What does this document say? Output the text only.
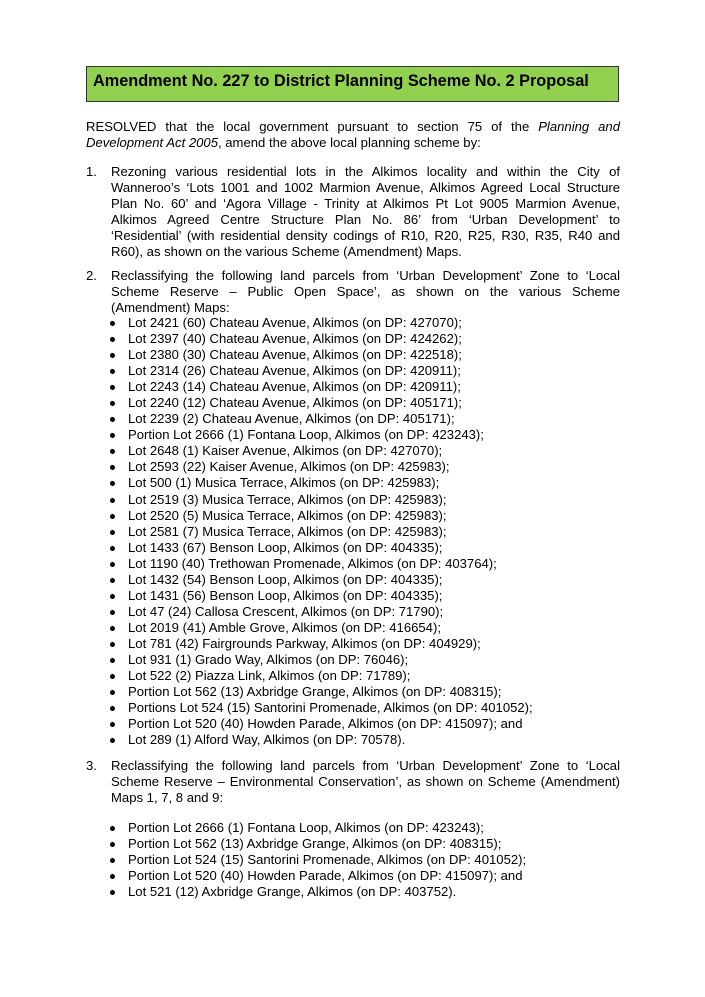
Amendment No. 227 to District Planning Scheme No. 2 Proposal
RESOLVED that the local government pursuant to section 75 of the Planning and Development Act 2005, amend the above local planning scheme by:
1. Rezoning various residential lots in the Alkimos locality and within the City of Wanneroo’s ‘Lots 1001 and 1002 Marmion Avenue, Alkimos Agreed Local Structure Plan No. 60’ and ‘Agora Village - Trinity at Alkimos Pt Lot 9005 Marmion Avenue, Alkimos Agreed Centre Structure Plan No. 86’ from ‘Urban Development’ to ‘Residential’ (with residential density codings of R10, R20, R25, R30, R35, R40 and R60), as shown on the various Scheme (Amendment) Maps.
2. Reclassifying the following land parcels from ‘Urban Development’ Zone to ‘Local Scheme Reserve – Public Open Space’, as shown on the various Scheme (Amendment) Maps:
Lot 2421 (60) Chateau Avenue, Alkimos (on DP: 427070);
Lot 2397 (40) Chateau Avenue, Alkimos (on DP: 424262);
Lot 2380 (30) Chateau Avenue, Alkimos (on DP: 422518);
Lot 2314 (26) Chateau Avenue, Alkimos (on DP: 420911);
Lot 2243 (14) Chateau Avenue, Alkimos (on DP: 420911);
Lot 2240 (12) Chateau Avenue, Alkimos (on DP: 405171);
Lot 2239 (2) Chateau Avenue, Alkimos (on DP: 405171);
Portion Lot 2666 (1) Fontana Loop, Alkimos (on DP: 423243);
Lot 2648 (1) Kaiser Avenue, Alkimos (on DP: 427070);
Lot 2593 (22) Kaiser Avenue, Alkimos (on DP: 425983);
Lot 500 (1) Musica Terrace, Alkimos (on DP: 425983);
Lot 2519 (3) Musica Terrace, Alkimos (on DP: 425983);
Lot 2520 (5) Musica Terrace, Alkimos (on DP: 425983);
Lot 2581 (7) Musica Terrace, Alkimos (on DP: 425983);
Lot 1433 (67) Benson Loop, Alkimos (on DP: 404335);
Lot 1190 (40) Trethowan Promenade, Alkimos (on DP: 403764);
Lot 1432 (54) Benson Loop, Alkimos (on DP: 404335);
Lot 1431 (56) Benson Loop, Alkimos (on DP: 404335);
Lot 47 (24) Callosa Crescent, Alkimos (on DP: 71790);
Lot 2019 (41) Amble Grove, Alkimos (on DP: 416654);
Lot 781 (42) Fairgrounds Parkway, Alkimos (on DP: 404929);
Lot 931 (1) Grado Way, Alkimos (on DP: 76046);
Lot 522 (2) Piazza Link, Alkimos (on DP: 71789);
Portion Lot 562 (13) Axbridge Grange, Alkimos (on DP: 408315);
Portions Lot 524 (15) Santorini Promenade, Alkimos (on DP: 401052);
Portion Lot 520 (40) Howden Parade, Alkimos (on DP: 415097); and
Lot 289 (1) Alford Way, Alkimos (on DP: 70578).
3. Reclassifying the following land parcels from ‘Urban Development’ Zone to ‘Local Scheme Reserve – Environmental Conservation’, as shown on Scheme (Amendment) Maps 1, 7, 8 and 9:
Portion Lot 2666 (1) Fontana Loop, Alkimos (on DP: 423243);
Portion Lot 562 (13) Axbridge Grange, Alkimos (on DP: 408315);
Portion Lot 524 (15) Santorini Promenade, Alkimos (on DP: 401052);
Portion Lot 520 (40) Howden Parade, Alkimos (on DP: 415097); and
Lot 521 (12) Axbridge Grange, Alkimos (on DP: 403752).
